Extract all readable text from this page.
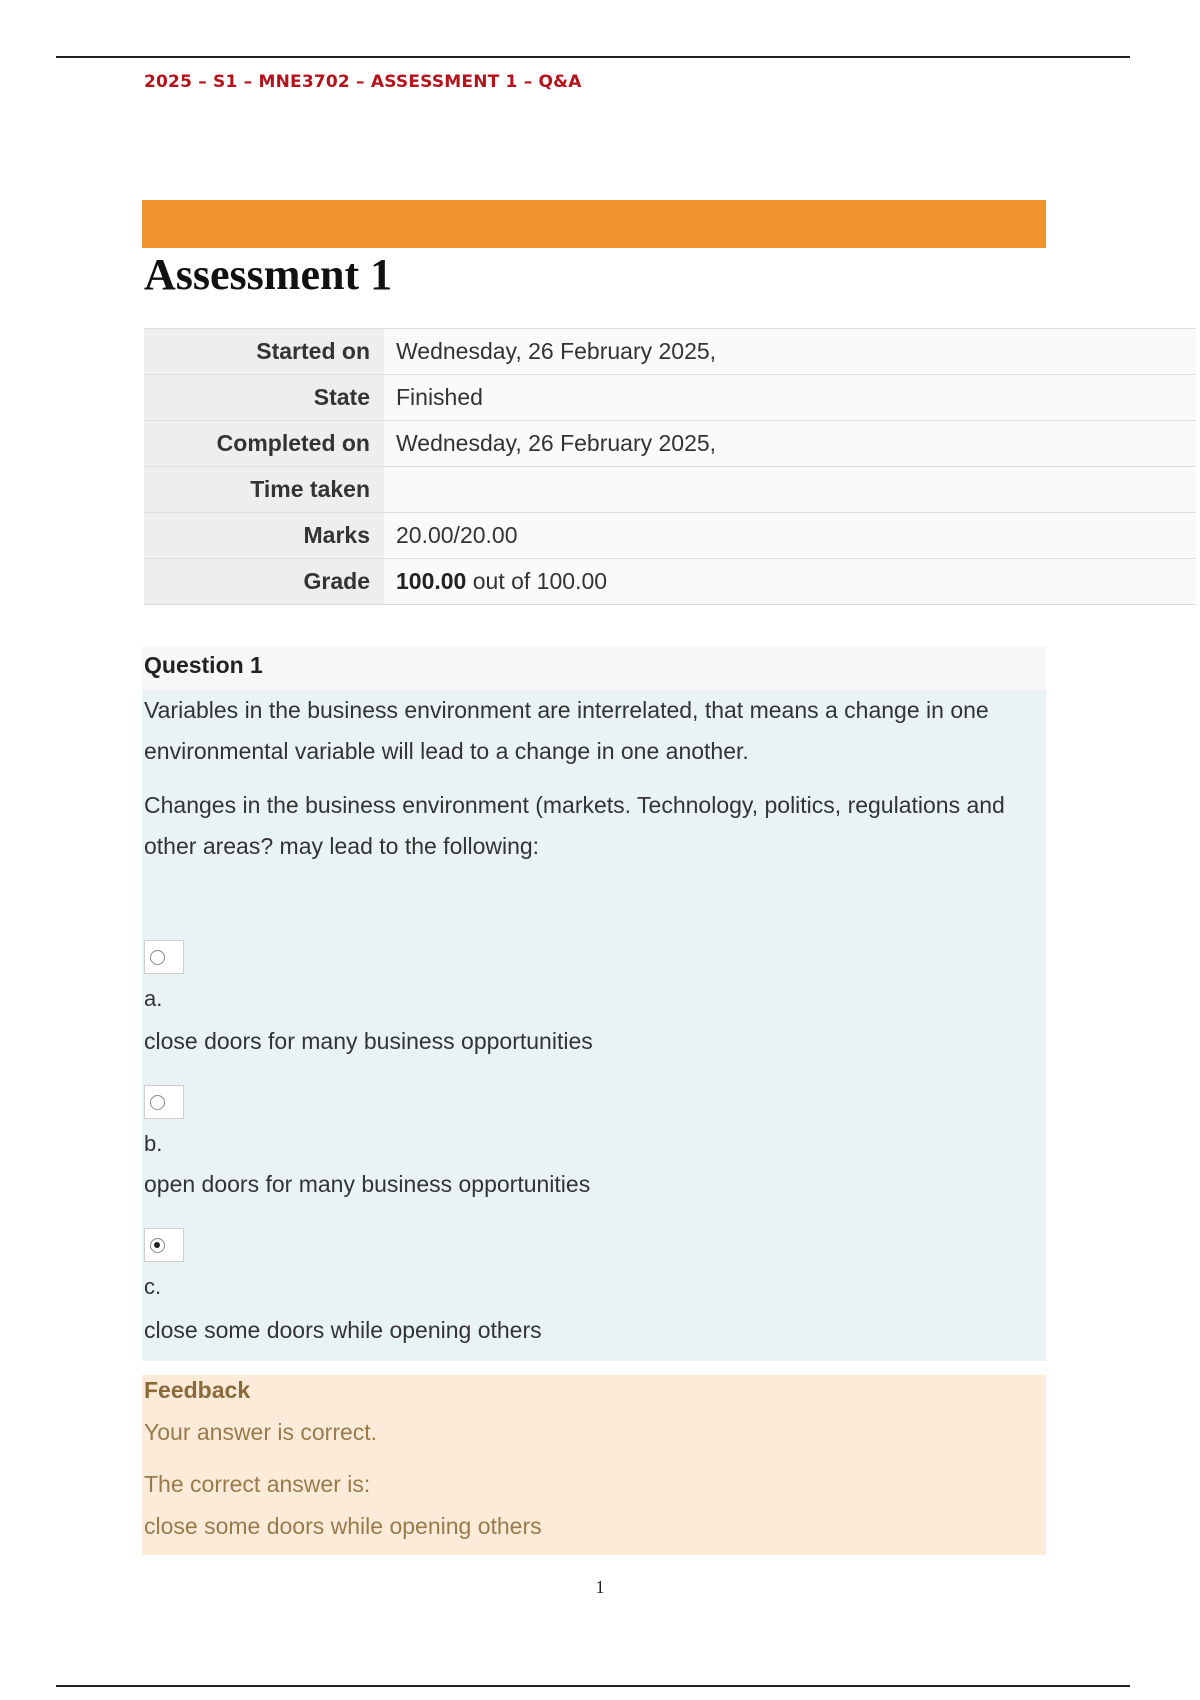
2025 – S1 – MNE3702 – ASSESSMENT 1 – Q&A
Assessment 1
Started on	Wednesday, 26 February 2025,
State	Finished
Completed on	Wednesday, 26 February 2025,
Time taken	
Marks	20.00/20.00
Grade	100.00 out of 100.00
Question 1

Variables in the business environment are interrelated, that means a change in one environmental variable will lead to a change in one another.

Changes in the business environment (markets. Technology, politics, regulations and other areas? may lead to the following:

a.
close doors for many business opportunities
b.
open doors for many business opportunities
c.
close some doors while opening others
Feedback
Your answer is correct.
The correct answer is:
close some doors while opening others
1
